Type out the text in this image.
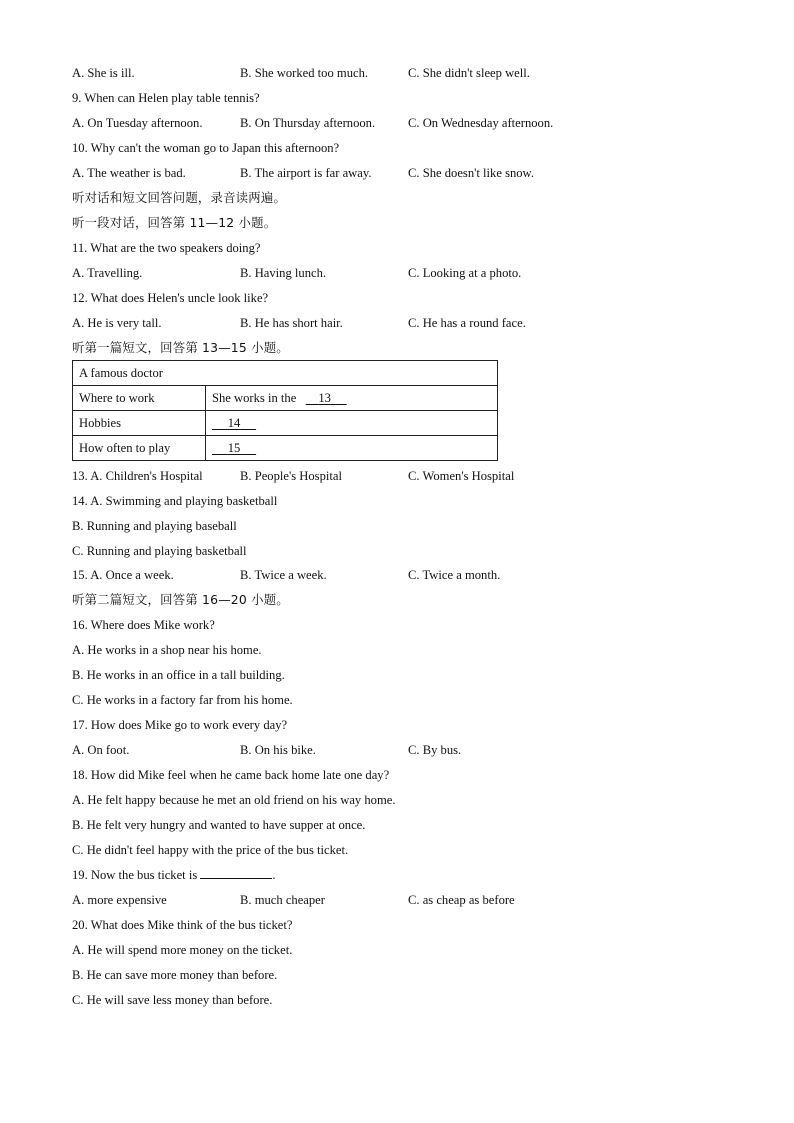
A. She is ill.	B. She worked too much.	C. She didn't sleep well.
9. When can Helen play table tennis?
A. On Tuesday afternoon.	B. On Thursday afternoon.	C. On Wednesday afternoon.
10. Why can't the woman go to Japan this afternoon?
A. The weather is bad.	B. The airport is far away.	C. She doesn't like snow.
听对话和短文回答问题，录音读两遍。
听一段对话，回答第 11—12 小题。
11. What are the two speakers doing?
A. Travelling.	B. Having lunch.	C. Looking at a photo.
12. What does Helen's uncle look like?
A. He is very tall.	B. He has short hair.	C. He has a round face.
听第一篇短文，回答第 13—15 小题。
A famous doctor	
Where to work	She works in the 13
Hobbies	14
How often to play	15
13. A. Children's Hospital	B. People's Hospital	C. Women's Hospital
14. A. Swimming and playing basketball
B. Running and playing baseball
C. Running and playing basketball
15. A. Once a week.	B. Twice a week.	C. Twice a month.
听第二篇短文，回答第 16—20 小题。
16. Where does Mike work?
A. He works in a shop near his home.
B. He works in an office in a tall building.
C. He works in a factory far from his home.
17. How does Mike go to work every day?
A. On foot.	B. On his bike.	C. By bus.
18. How did Mike feel when he came back home late one day?
A. He felt happy because he met an old friend on his way home.
B. He felt very hungry and wanted to have supper at once.
C. He didn't feel happy with the price of the bus ticket.
19. Now the bus ticket is	.
A. more expensive	B. much cheaper	C. as cheap as before
20. What does Mike think of the bus ticket?
A. He will spend more money on the ticket.
B. He can save more money than before.
C. He will save less money than before.
